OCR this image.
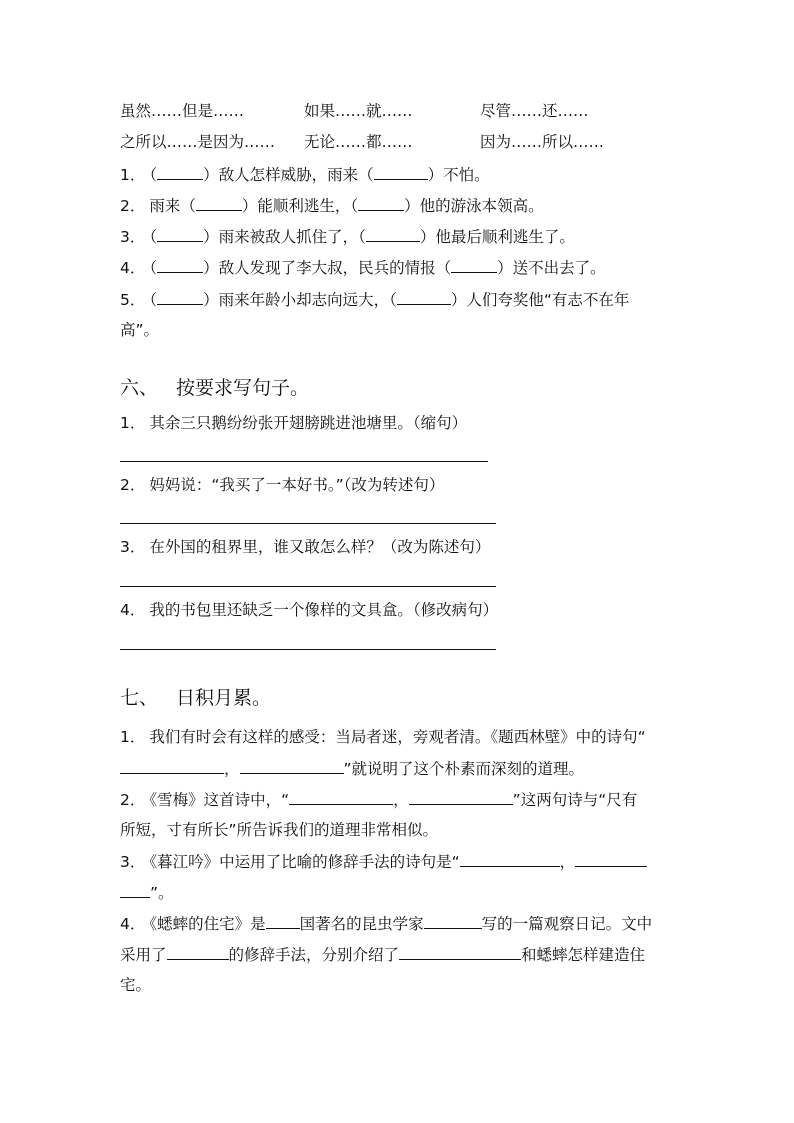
虽然……但是……	如果……就……	尽管……还……
之所以……是因为…… 无论……都……	因为……所以……
1． （	）敌人怎样威胁，雨来（	）不怕。
2． 雨来（	）能顺利逃生，（	）他的游泳本领高。
3． （	）雨来被敌人抓住了，（	）他最后顺利逃生了。
4． （	）敌人发现了李大叔，民兵的情报（	）送不出去了。
5． （	）雨来年龄小却志向远大，（	）人们夸奖他“有志不在年
高”。
六、 按要求写句子。
1． 其余三只鹅纷纷张开翅膀跳进池塘里。（缩句）
2． 妈妈说：“我买了一本好书。”（改为转述句）
3． 在外国的租界里，谁又敢怎么样？（改为陈述句）
4． 我的书包里还缺乏一个像样的文具盒。（修改病句）
七、 日积月累。
1． 我们有时会有这样的感受：当局者迷，旁观者清。《题西林壁》中的诗句“
，	”就说明了这个朴素而深刻的道理。
2． 《雪梅》这首诗中，“	，	”这两句诗与“尺有
所短，寸有所长”所告诉我们的道理非常相似。
3． 《暮江吟》中运用了比喻的修辞手法的诗句是“	，
”。
4． 《蟋蟀的住宅》是 国著名的昆虫学家	写的一篇观察日记。文中
采用了	的修辞手法，分别介绍了	和蟋蟀怎样建造住
宅。
